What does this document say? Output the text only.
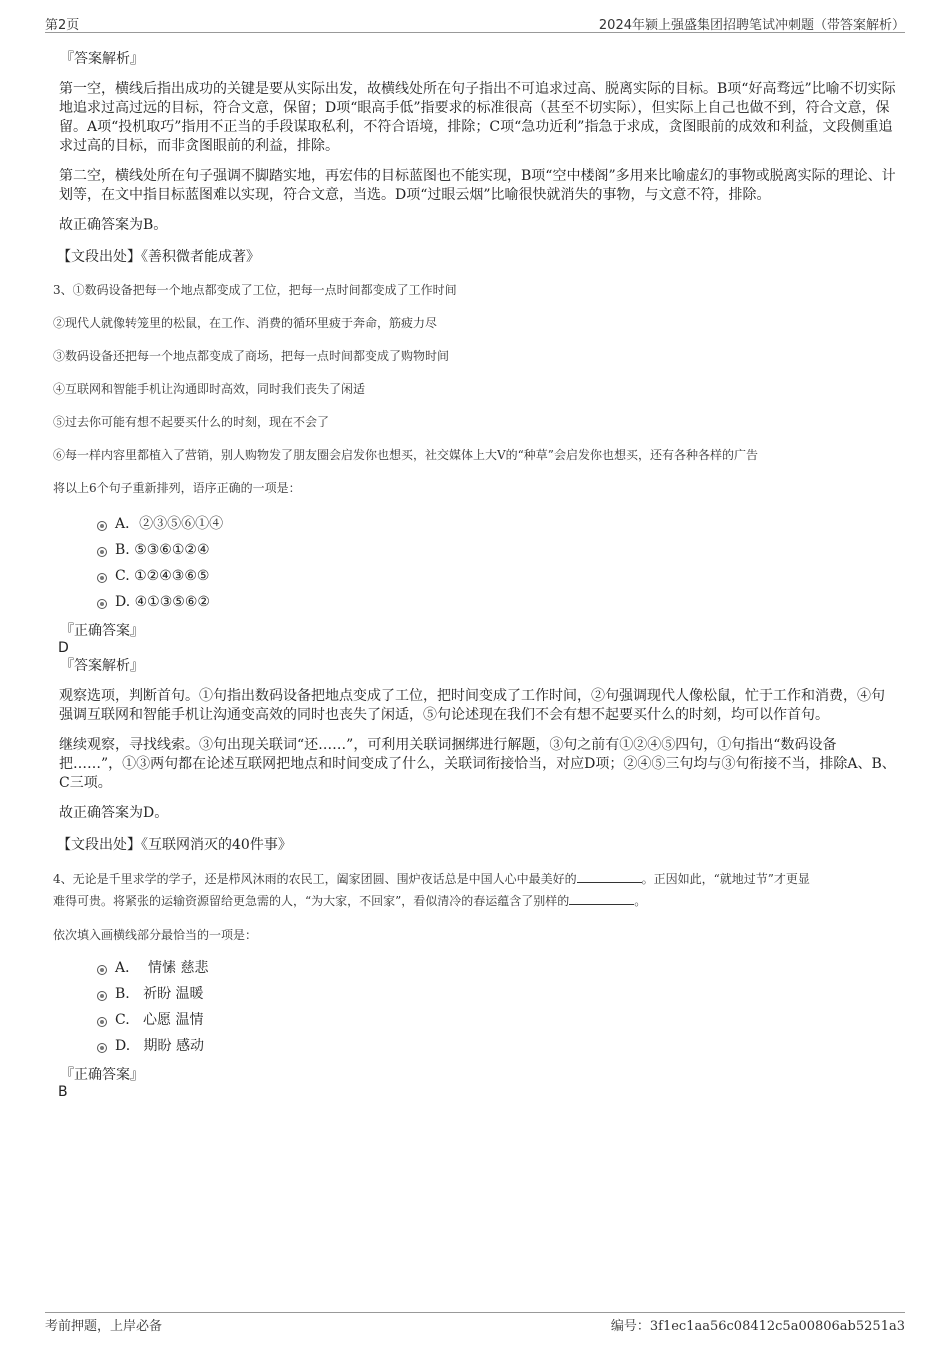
第2页	2024年颍上强盛集团招聘笔试冲刺题（带答案解析）
『答案解析』

第一空，横线后指出成功的关键是要从实际出发，故横线处所在句子指出不可追求过高、脱离实际的目标。B项“好高骛远”比喻不切实际地追求过高过远的目标，符合文意，保留；D项“眼高手低”指要求的标准很高（甚至不切实际），但实际上自己也做不到，符合文意，保留。A项“投机取巧”指用不正当的手段谋取私利，不符合语境，排除；C项“急功近利”指急于求成，贪图眼前的成效和利益，文段侧重追求过高的目标，而非贪图眼前的利益，排除。

第二空，横线处所在句子强调不脚踏实地，再宏伟的目标蓝图也不能实现，B项“空中楼阁”多用来比喻虚幻的事物或脱离实际的理论、计划等，在文中指目标蓝图难以实现，符合文意，当选。D项“过眼云烟”比喻很快就消失的事物，与文意不符，排除。

故正确答案为B。

【文段出处】《善积微者能成著》
3、①数码设备把每一个地点都变成了工位，把每一点时间都变成了工作时间
②现代人就像转笼里的松鼠，在工作、消费的循环里疲于奔命，筋疲力尽
③数码设备还把每一个地点都变成了商场，把每一点时间都变成了购物时间
④互联网和智能手机让沟通即时高效，同时我们丧失了闲适
⑤过去你可能有想不起要买什么的时刻，现在不会了
⑥每一样内容里都植入了营销，别人购物发了朋友圈会启发你也想买，社交媒体上大V的“种草”会启发你也想买，还有各种各样的广告
将以上6个句子重新排列，语序正确的一项是：
A．②③⑤⑥①④
B. ⑤③⑥①②④
C. ①②④③⑥⑤
D. ④①③⑤⑥②
『正确答案』
D
『答案解析』

观察选项，判断首句。①句指出数码设备把地点变成了工位，把时间变成了工作时间，②句强调现代人像松鼠，忙于工作和消费，④句强调互联网和智能手机让沟通变高效的同时也丧失了闲适，⑤句论述现在我们不会有想不起要买什么的时刻，均可以作首句。

继续观察，寻找线索。③句出现关联词“还……”，可利用关联词捆绑进行解题，③句之前有①②④⑤四句，①句指出“数码设备把……”，①③两句都在论述互联网把地点和时间变成了什么，关联词衔接恰当，对应D项；②④⑤三句均与③句衔接不当，排除A、B、C三项。

故正确答案为D。

【文段出处】《互联网消灭的40件事》
4、无论是千里求学的学子，还是栉风沐雨的农民工，阖家团圆、围炉夜话总是中国人心中最美好的	。正因如此，“就地过节”才更显
难得可贵。将紧张的运输资源留给更急需的人，“为大家，不回家”，看似清冷的春运蕴含了别样的	。
依次填入画横线部分最恰当的一项是：
A．  情愫 慈悲
B.   祈盼 温暖
C.   心愿 温情
D.   期盼 感动
『正确答案』
B
考前押题，上岸必备	编号：3f1ec1aa56c08412c5a00806ab5251a3
